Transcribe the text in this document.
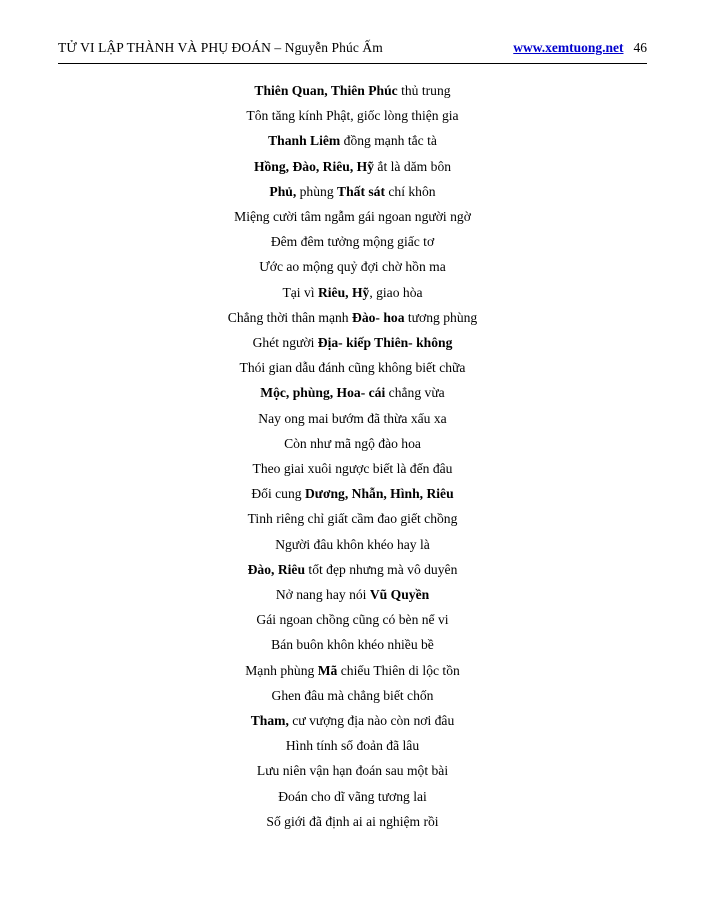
TỬ VI LẬP THÀNH VÀ PHỤ ĐOÁN – Nguyễn Phúc Ấm	www.xemtuong.net 46
Thiên Quan, Thiên Phúc thủ trung
Tôn tăng kính Phật, giốc lòng thiện gia
Thanh Liêm đồng mạnh tắc tà
Hồng, Đào, Riêu, Hỹ ắt là dăm bôn
Phủ, phùng Thất sát chí khôn
Miệng cười tâm ngẫm gái ngoan người ngờ
Đêm đêm tưởng mộng giấc tơ
Ước ao mộng quỷ đợi chờ hồn ma
Tại vì Riêu, Hỹ, giao hòa
Chẳng thời thân mạnh Đào- hoa tương phùng
Ghét người Địa- kiếp Thiên- không
Thói gian dẫu đánh cũng không biết chữa
Mộc, phùng, Hoa- cái chẳng vừa
Nay ong mai bướm đã thừa xấu xa
Còn như mã ngộ đào hoa
Theo giai xuôi ngược biết là đến đâu
Đối cung Dương, Nhẫn, Hình, Riêu
Tinh riêng chỉ giất cầm đao giết chồng
Người đâu khôn khéo hay là
Đào, Riêu tốt đẹp nhưng mà vô duyên
Nở nang hay nói Vũ Quyền
Gái ngoan chồng cũng có bèn nể vi
Bán buôn khôn khéo nhiều bề
Mạnh phùng Mã chiếu Thiên di lộc tồn
Ghen đâu mà chẳng biết chốn
Tham, cư vượng địa nào còn nơi đâu
Hình tính số đoản đã lâu
Lưu niên vận hạn đoán sau một bài
Đoán cho dĩ vãng tương lai
Số giới đã định ai ai nghiệm rồi
